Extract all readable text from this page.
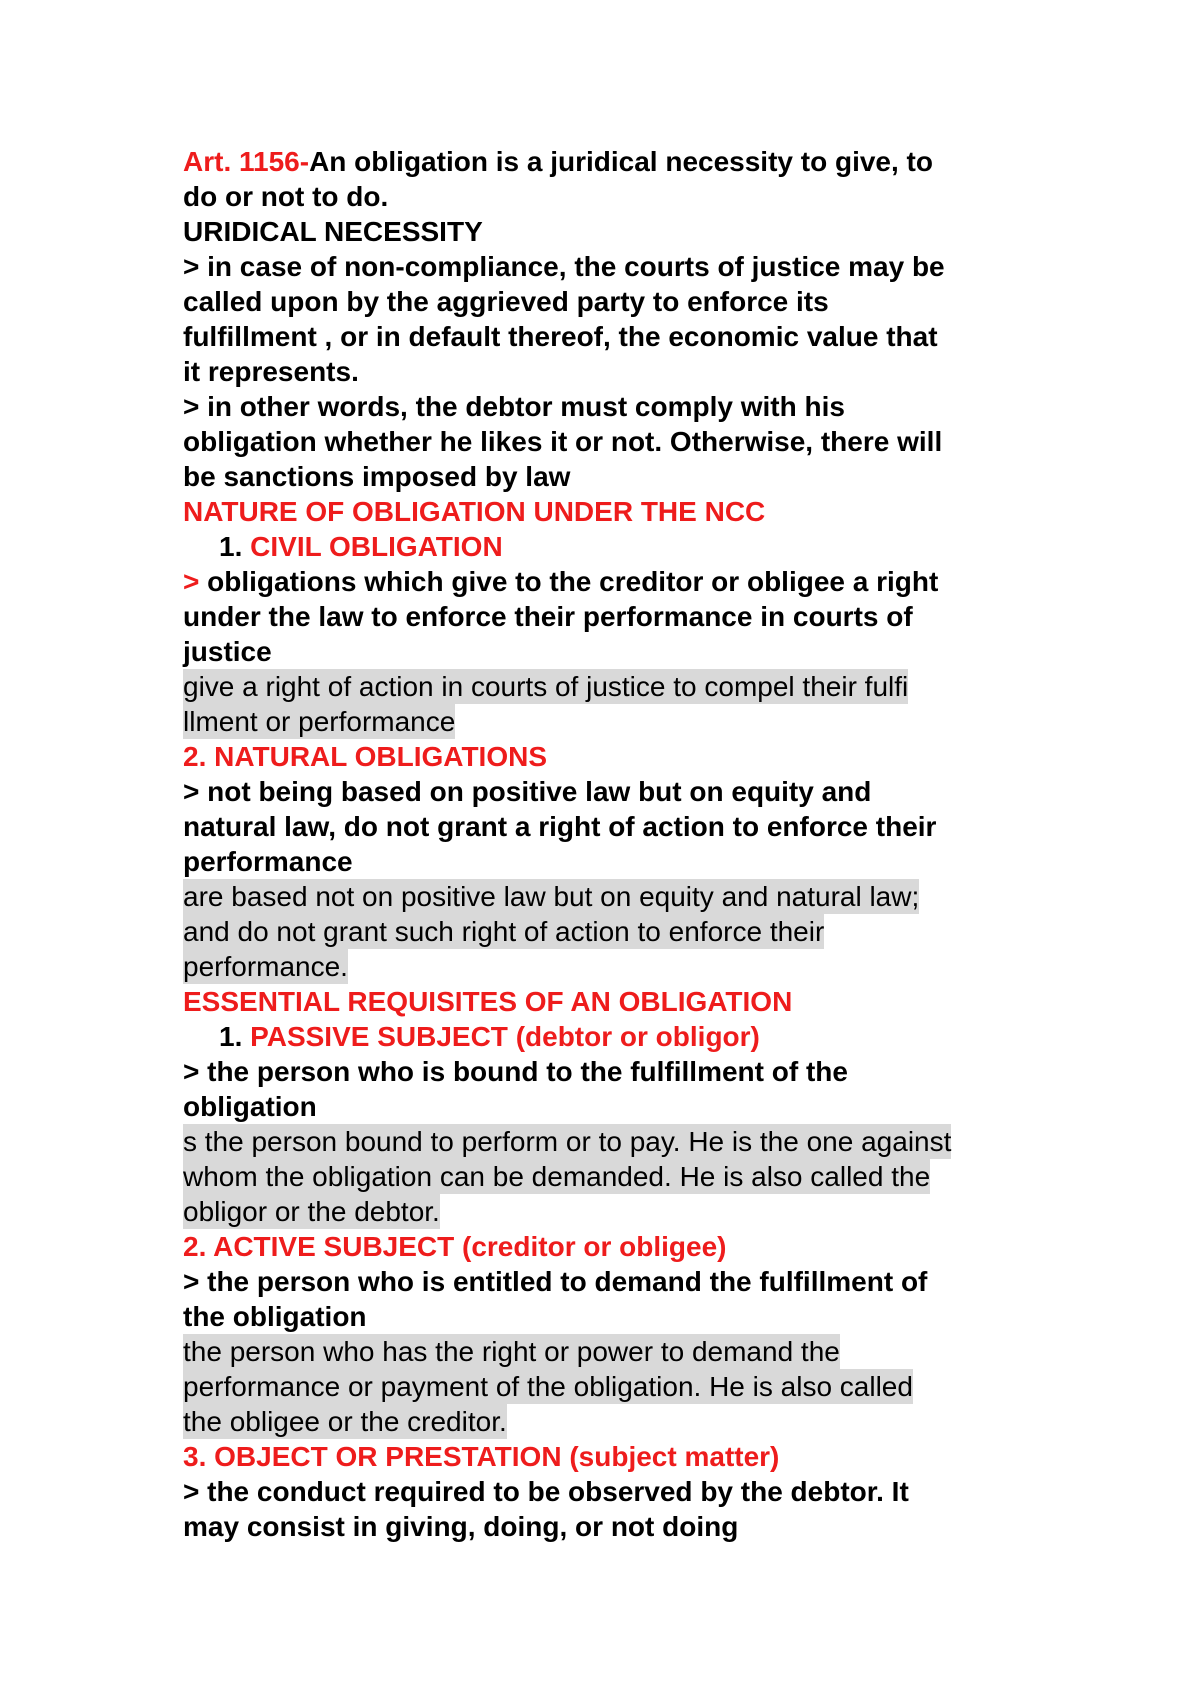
Art. 1156-An obligation is a juridical necessity to give, to
do or not to do.
URIDICAL NECESSITY
> in case of non-compliance, the courts of justice may be
called upon by the aggrieved party to enforce its
fulfillment , or in default thereof, the economic value that
it represents.
> in other words, the debtor must comply with his
obligation whether he likes it or not. Otherwise, there will
be sanctions imposed by law
NATURE OF OBLIGATION UNDER THE NCC
1. CIVIL OBLIGATION
> obligations which give to the creditor or obligee a right
under the law to enforce their performance in courts of
justice
give a right of action in courts of justice to compel their fulfi
llment or performance
2. NATURAL OBLIGATIONS
> not being based on positive law but on equity and
natural law, do not grant a right of action to enforce their
performance
are based not on positive law but on equity and natural law;
and do not grant such right of action to enforce their
performance.
ESSENTIAL REQUISITES OF AN OBLIGATION
1. PASSIVE SUBJECT (debtor or obligor)
> the person who is bound to the fulfillment of the
obligation
s the person bound to perform or to pay. He is the one against
whom the obligation can be demanded. He is also called the
obligor or the debtor.
2. ACTIVE SUBJECT (creditor or obligee)
> the person who is entitled to demand the fulfillment of
the obligation
the person who has the right or power to demand the
performance or payment of the obligation. He is also called
the obligee or the creditor.
3. OBJECT OR PRESTATION (subject matter)
> the conduct required to be observed by the debtor. It
may consist in giving, doing, or not doing
